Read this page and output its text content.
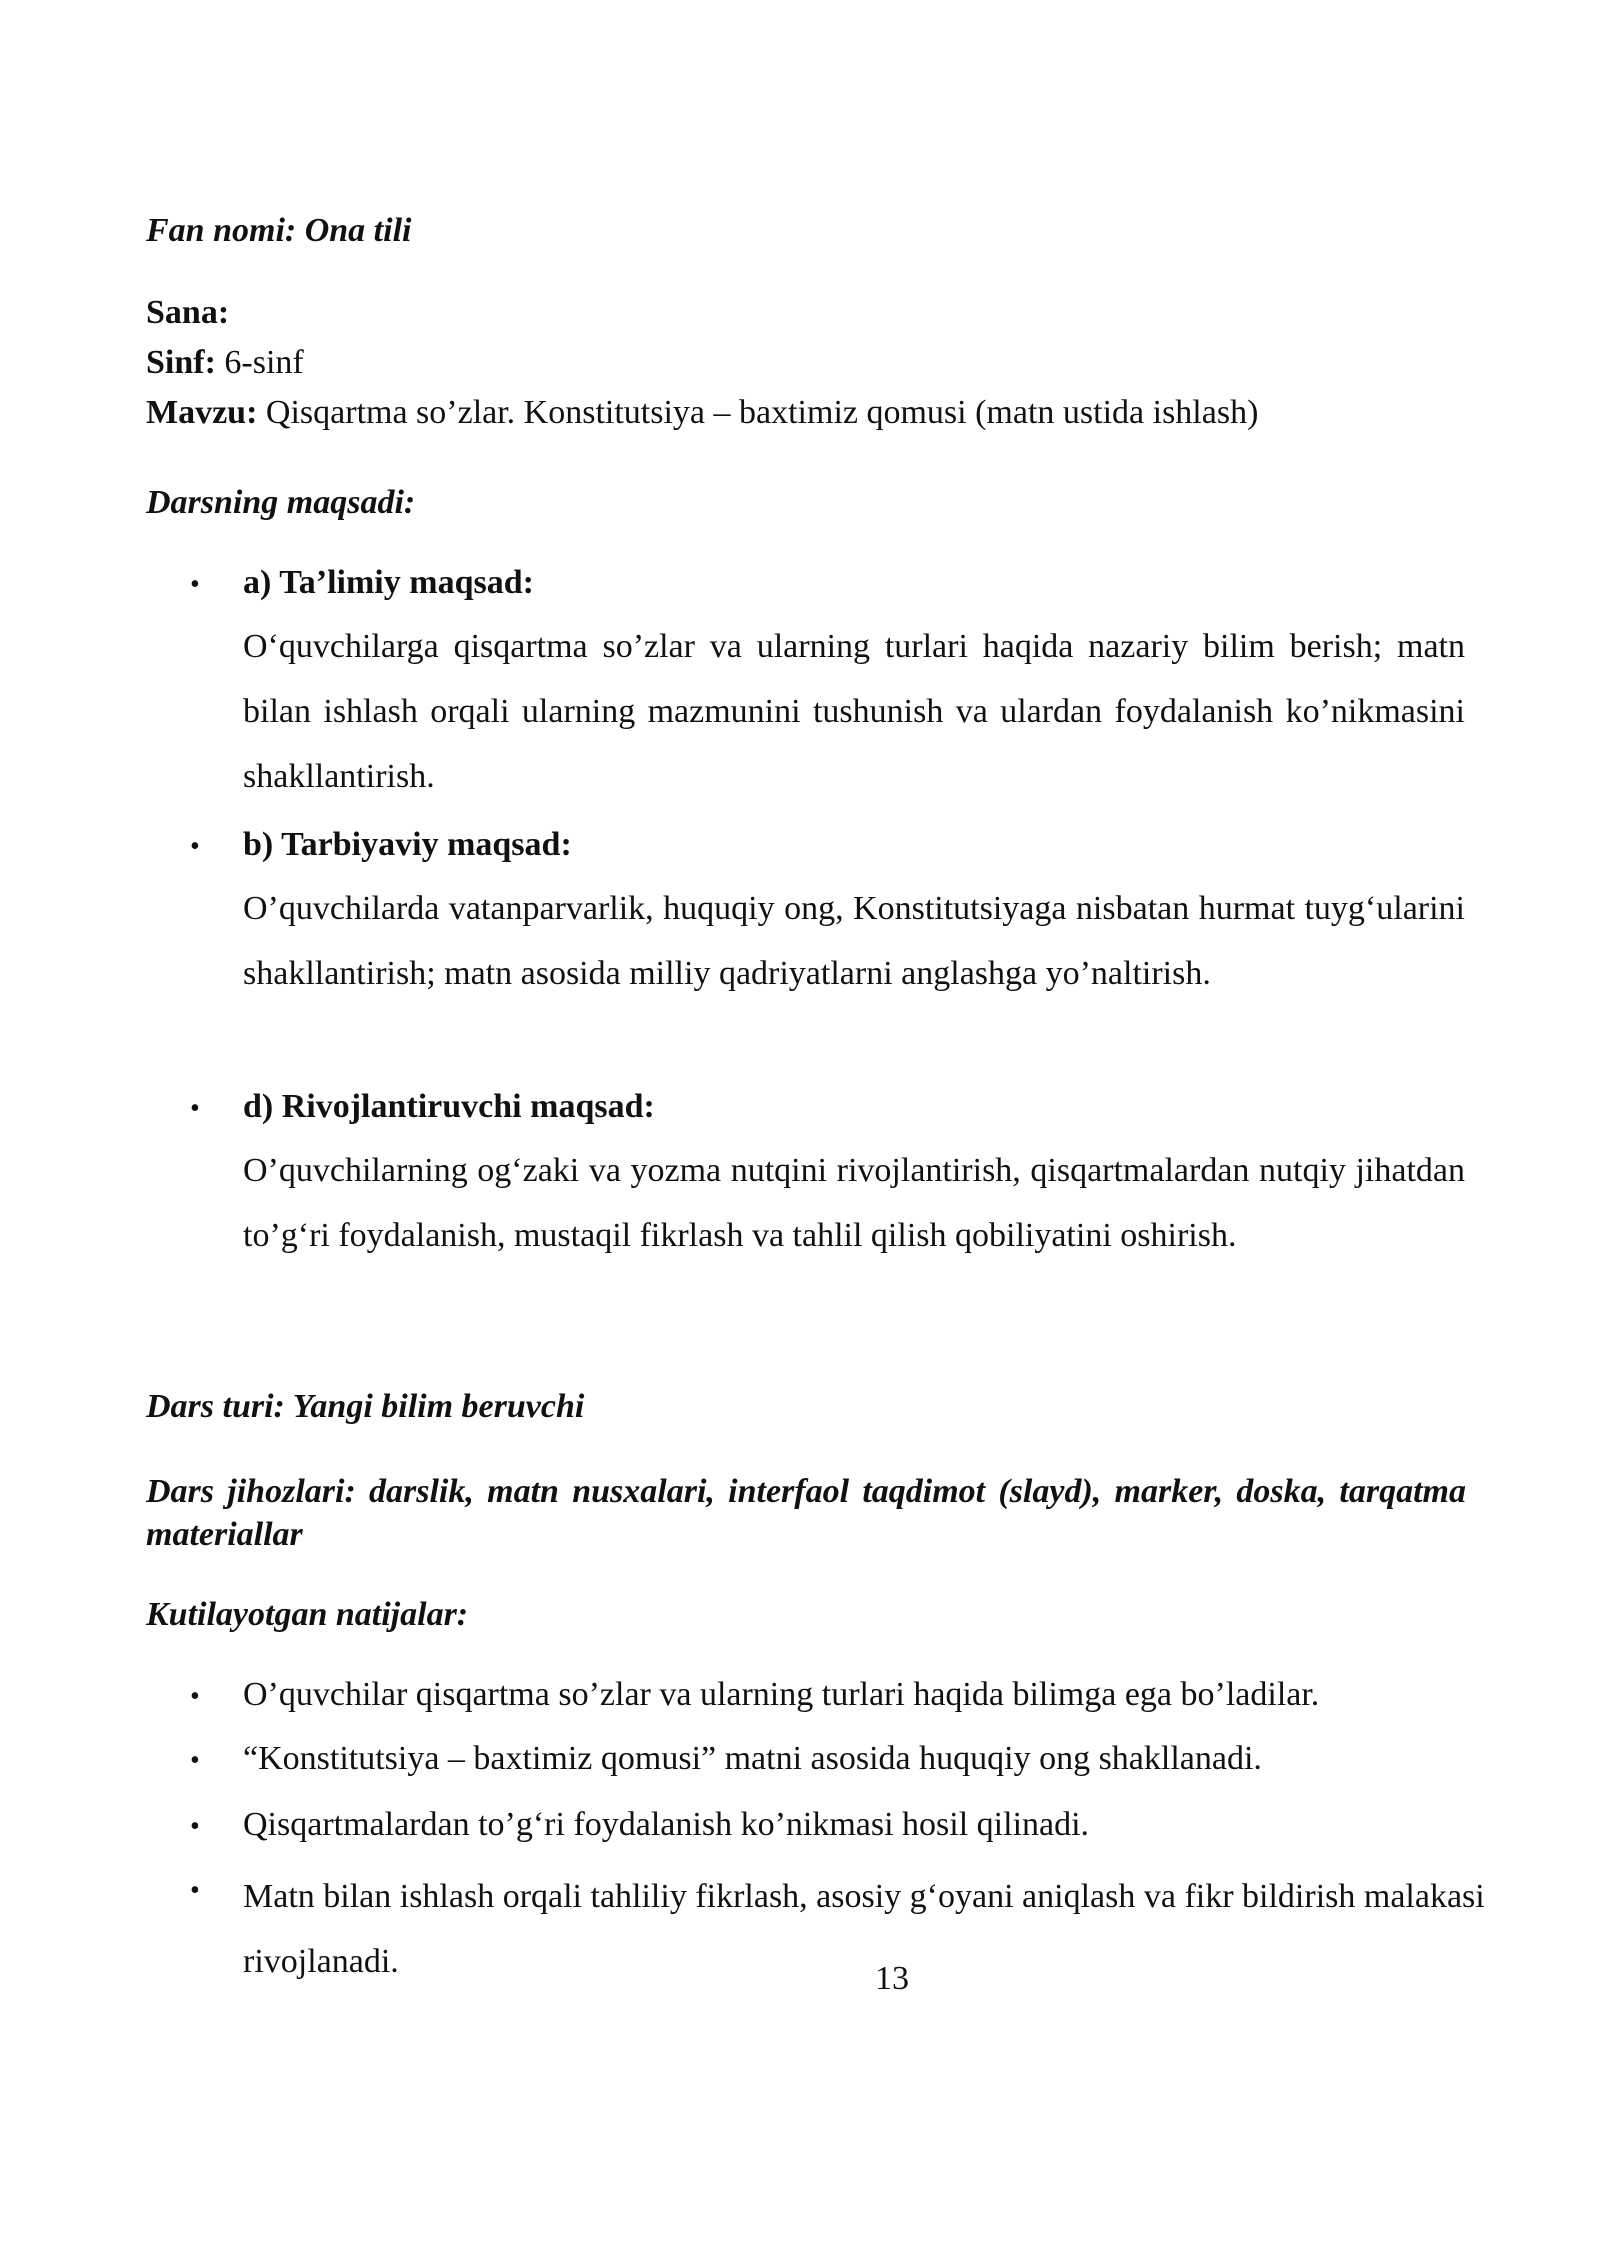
Fan nomi: Ona tili
Sana:
Sinf: 6-sinf
Mavzu: Qisqartma so’zlar. Konstitutsiya – baxtimiz qomusi (matn ustida ishlash)
Darsning maqsadi:
• a) Ta’limiy maqsad:
O‘quvchilarga qisqartma so’zlar va ularning turlari haqida nazariy bilim berish; matn bilan ishlash orqali ularning mazmunini tushunish va ulardan foydalanish ko’nikmasini shakllantirish.
• b) Tarbiyaviy maqsad:
O’quvchilarda vatanparvarlik, huquqiy ong, Konstitutsiyaga nisbatan hurmat tuyg‘ularini shakllantirish; matn asosida milliy qadriyatlarni anglashga yo’naltirish.
• d) Rivojlantiruvchi maqsad:
O’quvchilarning og‘zaki va yozma nutqini rivojlantirish, qisqartmalardan nutqiy jihatdan to’g‘ri foydalanish, mustaqil fikrlash va tahlil qilish qobiliyatini oshirish.
Dars turi: Yangi bilim beruvchi
Dars jihozlari: darslik, matn nusxalari, interfaol taqdimot (slayd), marker, doska, tarqatma materiallar
Kutilayotgan natijalar:
• O’quvchilar qisqartma so’zlar va ularning turlari haqida bilimga ega bo’ladilar.
• “Konstitutsiya – baxtimiz qomusi” matni asosida huquqiy ong shakllanadi.
• Qisqartmalardan to’g‘ri foydalanish ko’nikmasi hosil qilinadi.
• Matn bilan ishlash orqali tahliliy fikrlash, asosiy g‘oyani aniqlash va fikr bildirish malakasi rivojlanadi.	13
